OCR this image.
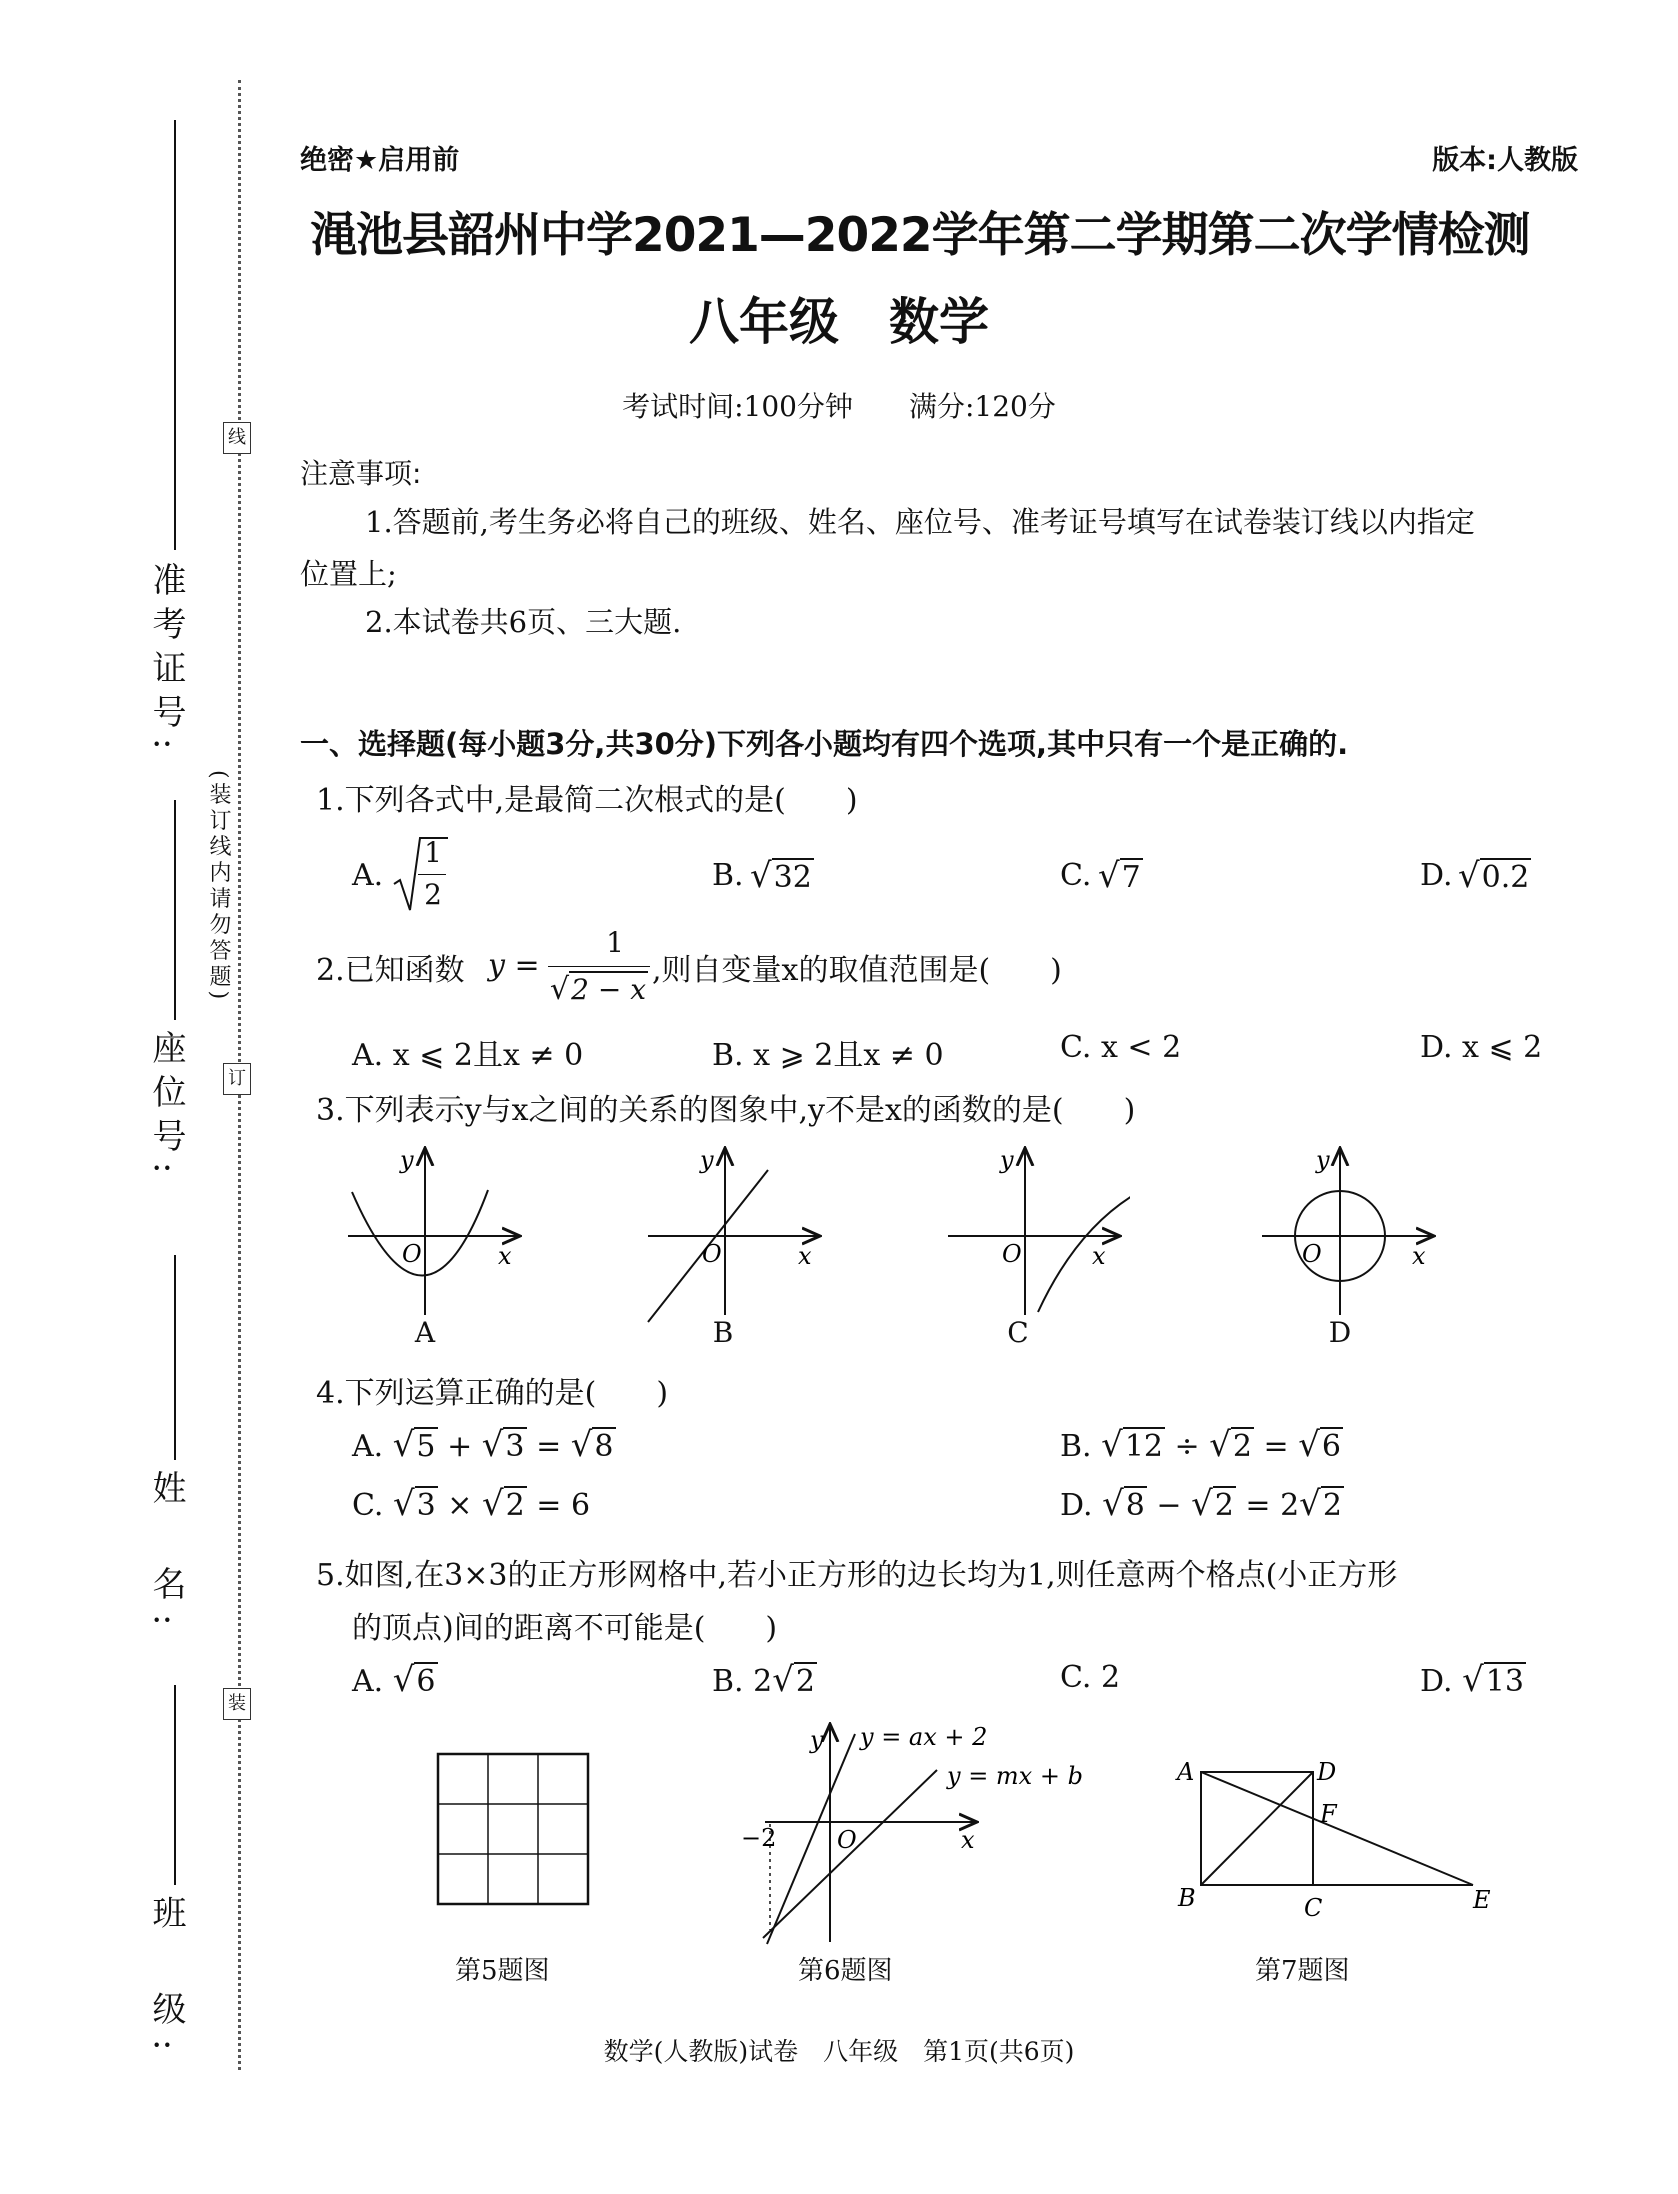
线
订
装
(装订线内请勿答题)
准考证号:
座位号:
姓　名:
班　级:
绝密★启用前	版本:人教版
渑池县韶州中学2021—2022学年第二学期第二次学情检测
八年级　数学
考试时间:100分钟　　满分:120分
注意事项:
1.答题前,考生务必将自己的班级、姓名、座位号、准考证号填写在试卷装订线以内指定
位置上;
2.本试卷共6页、三大题.
一、选择题(每小题3分,共30分)下列各小题均有四个选项,其中只有一个是正确的.
1.下列各式中,是最简二次根式的是(　　)
A.
1
2
B. √32	C. √7	D. √0.2
2.已知函数 y =
1
√2 − x
,则自变量x的取值范围是(　　)
A. x ⩽ 2且x ≠ 0	B. x ⩾ 2且x ≠ 0	C. x < 2	D. x ⩽ 2
3.下列表示y与x之间的关系的图象中,y不是x的函数的是(　　)
y
O	x
A
y
O	x
B
y
O	x
C
y
O	x
D
4.下列运算正确的是(　　)
A. √5 + √3 = √8	B. √12 ÷ √2 = √6
C. √3 × √2 = 6	D. √8 − √2 = 2√2
5.如图,在3×3的正方形网格中,若小正方形的边长均为1,则任意两个格点(小正方形
的顶点)间的距离不可能是(　　)
A. √6	B. 2√2	C. 2	D. √13
第5题图
y y = ax + 2
y = mx + b
−2	O	x
第6题图
A	D
F
B	C	E
第7题图
数学(人教版)试卷　八年级　第1页(共6页)
